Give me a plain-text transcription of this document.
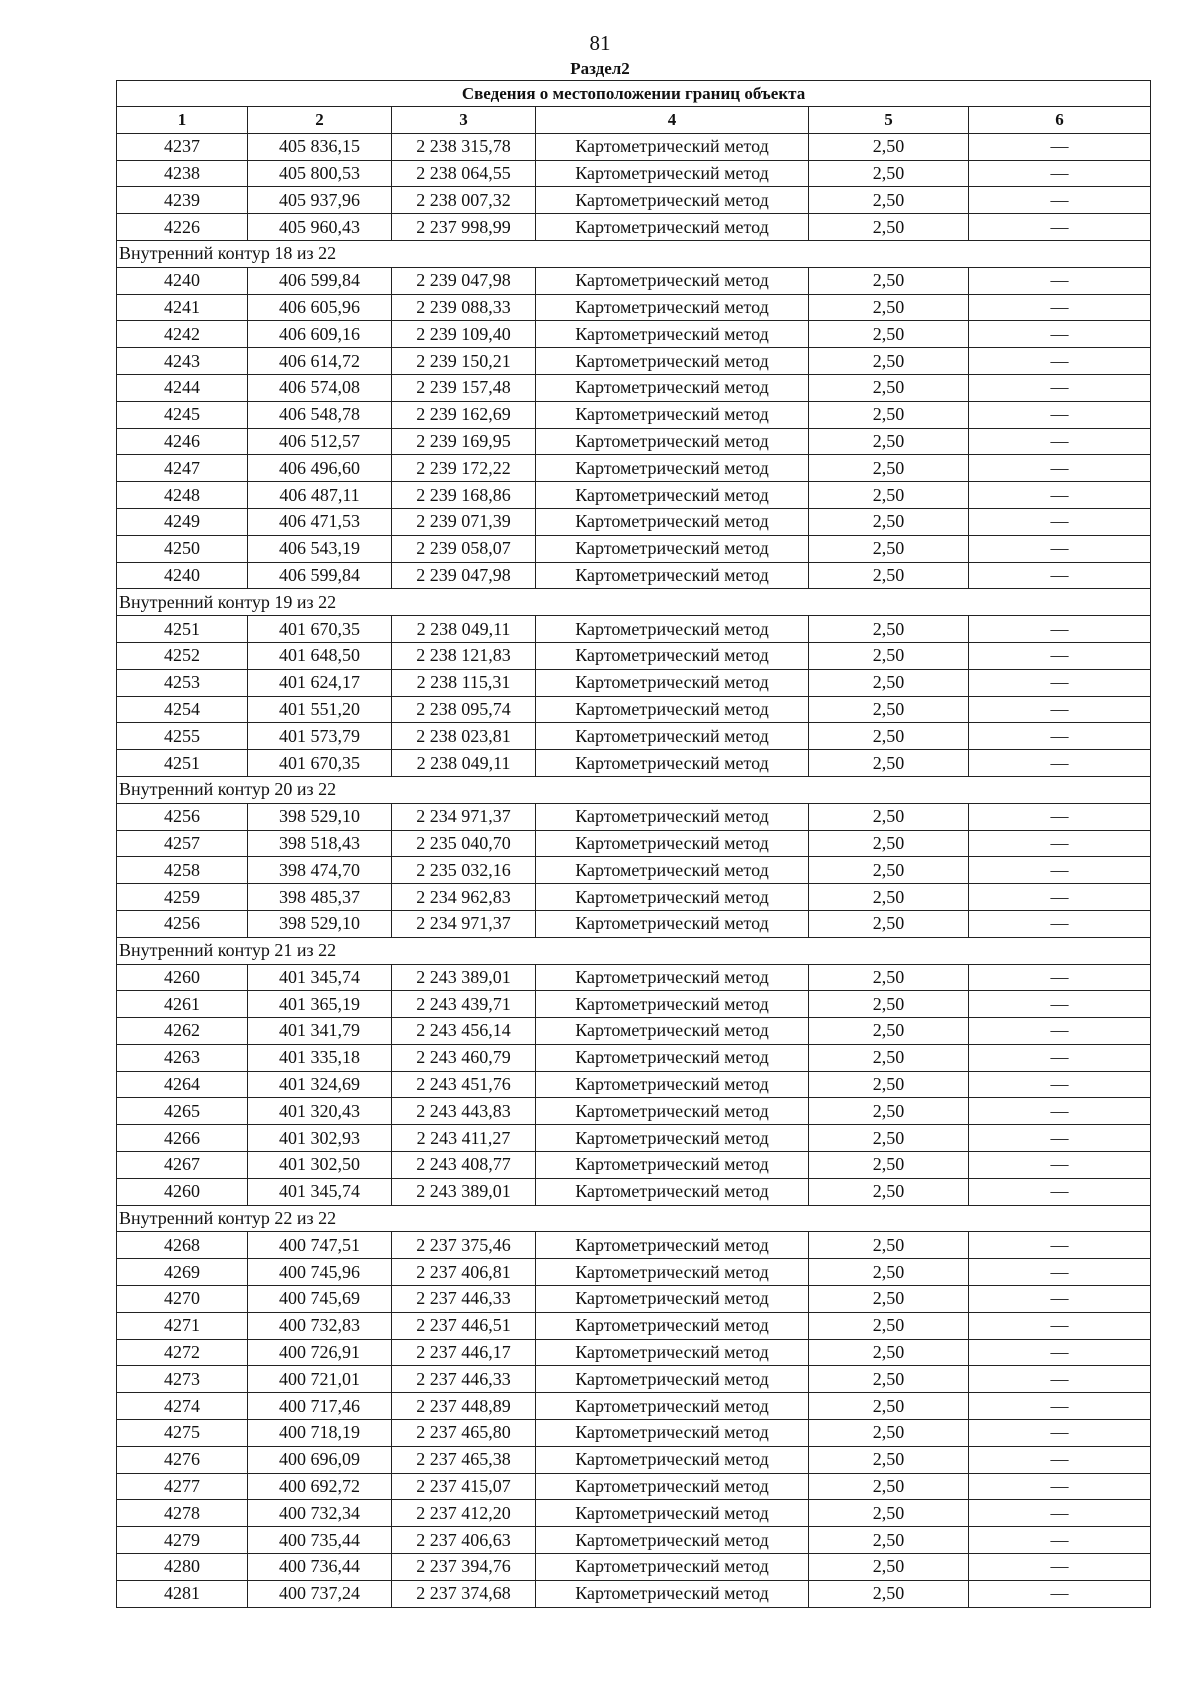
81
Раздел2
Сведения о местоположении границ объекта					
1	2	3	4	5	6
4237	405 836,15	2 238 315,78	Картометрический метод	2,50	—
4238	405 800,53	2 238 064,55	Картометрический метод	2,50	—
4239	405 937,96	2 238 007,32	Картометрический метод	2,50	—
4226	405 960,43	2 237 998,99	Картометрический метод	2,50	—
Внутренний контур 18 из 22					
4240	406 599,84	2 239 047,98	Картометрический метод	2,50	—
4241	406 605,96	2 239 088,33	Картометрический метод	2,50	—
4242	406 609,16	2 239 109,40	Картометрический метод	2,50	—
4243	406 614,72	2 239 150,21	Картометрический метод	2,50	—
4244	406 574,08	2 239 157,48	Картометрический метод	2,50	—
4245	406 548,78	2 239 162,69	Картометрический метод	2,50	—
4246	406 512,57	2 239 169,95	Картометрический метод	2,50	—
4247	406 496,60	2 239 172,22	Картометрический метод	2,50	—
4248	406 487,11	2 239 168,86	Картометрический метод	2,50	—
4249	406 471,53	2 239 071,39	Картометрический метод	2,50	—
4250	406 543,19	2 239 058,07	Картометрический метод	2,50	—
4240	406 599,84	2 239 047,98	Картометрический метод	2,50	—
Внутренний контур 19 из 22					
4251	401 670,35	2 238 049,11	Картометрический метод	2,50	—
4252	401 648,50	2 238 121,83	Картометрический метод	2,50	—
4253	401 624,17	2 238 115,31	Картометрический метод	2,50	—
4254	401 551,20	2 238 095,74	Картометрический метод	2,50	—
4255	401 573,79	2 238 023,81	Картометрический метод	2,50	—
4251	401 670,35	2 238 049,11	Картометрический метод	2,50	—
Внутренний контур 20 из 22					
4256	398 529,10	2 234 971,37	Картометрический метод	2,50	—
4257	398 518,43	2 235 040,70	Картометрический метод	2,50	—
4258	398 474,70	2 235 032,16	Картометрический метод	2,50	—
4259	398 485,37	2 234 962,83	Картометрический метод	2,50	—
4256	398 529,10	2 234 971,37	Картометрический метод	2,50	—
Внутренний контур 21 из 22					
4260	401 345,74	2 243 389,01	Картометрический метод	2,50	—
4261	401 365,19	2 243 439,71	Картометрический метод	2,50	—
4262	401 341,79	2 243 456,14	Картометрический метод	2,50	—
4263	401 335,18	2 243 460,79	Картометрический метод	2,50	—
4264	401 324,69	2 243 451,76	Картометрический метод	2,50	—
4265	401 320,43	2 243 443,83	Картометрический метод	2,50	—
4266	401 302,93	2 243 411,27	Картометрический метод	2,50	—
4267	401 302,50	2 243 408,77	Картометрический метод	2,50	—
4260	401 345,74	2 243 389,01	Картометрический метод	2,50	—
Внутренний контур 22 из 22					
4268	400 747,51	2 237 375,46	Картометрический метод	2,50	—
4269	400 745,96	2 237 406,81	Картометрический метод	2,50	—
4270	400 745,69	2 237 446,33	Картометрический метод	2,50	—
4271	400 732,83	2 237 446,51	Картометрический метод	2,50	—
4272	400 726,91	2 237 446,17	Картометрический метод	2,50	—
4273	400 721,01	2 237 446,33	Картометрический метод	2,50	—
4274	400 717,46	2 237 448,89	Картометрический метод	2,50	—
4275	400 718,19	2 237 465,80	Картометрический метод	2,50	—
4276	400 696,09	2 237 465,38	Картометрический метод	2,50	—
4277	400 692,72	2 237 415,07	Картометрический метод	2,50	—
4278	400 732,34	2 237 412,20	Картометрический метод	2,50	—
4279	400 735,44	2 237 406,63	Картометрический метод	2,50	—
4280	400 736,44	2 237 394,76	Картометрический метод	2,50	—
4281	400 737,24	2 237 374,68	Картометрический метод	2,50	—
